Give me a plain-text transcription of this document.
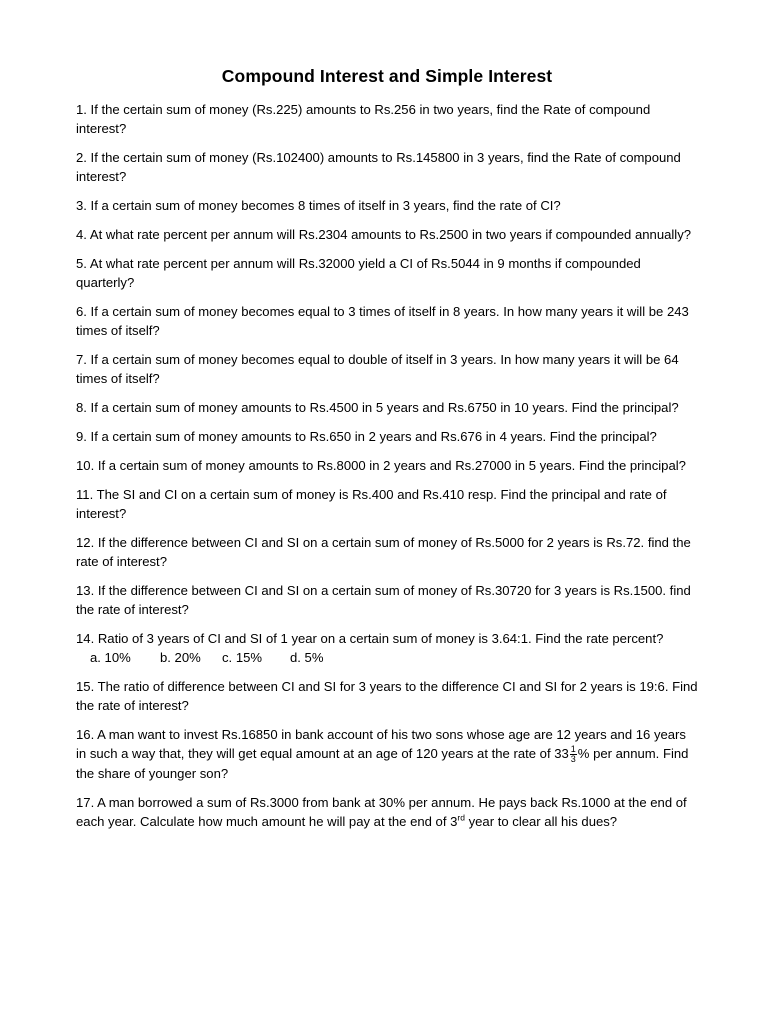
Compound Interest and Simple Interest

1. If the certain sum of money (Rs.225) amounts to Rs.256 in two years, find the Rate of compound interest?

2. If the certain sum of money (Rs.102400) amounts to Rs.145800 in 3 years, find the Rate of compound interest?

3. If a certain sum of money becomes 8 times of itself in 3 years, find the rate of CI?

4. At what rate percent per annum will Rs.2304 amounts to Rs.2500 in two years if compounded annually?

5. At what rate percent per annum will Rs.32000 yield a CI of Rs.5044 in 9 months if compounded quarterly?

6. If a certain sum of money becomes equal to 3 times of itself in 8 years. In how many years it will be 243 times of itself?

7. If a certain sum of money becomes equal to double of itself in 3 years. In how many years it will be 64 times of itself?

8. If a certain sum of money amounts to Rs.4500 in 5 years and Rs.6750 in 10 years. Find the principal?

9. If a certain sum of money amounts to Rs.650 in 2 years and Rs.676 in 4 years. Find the principal?

10. If a certain sum of money amounts to Rs.8000 in 2 years and Rs.27000 in 5 years. Find the principal?

11. The SI and CI on a certain sum of money is Rs.400 and Rs.410 resp. Find the principal and rate of interest?

12. If the difference between CI and SI on a certain sum of money of Rs.5000 for 2 years is Rs.72. find the rate of interest?

13. If the difference between CI and SI on a certain sum of money of Rs.30720 for 3 years is Rs.1500. find the rate of interest?

14. Ratio of 3 years of CI and SI of 1 year on a certain sum of money is 3.64:1. Find the rate percent?

a. 10% b. 20% c. 15% d. 5%

15. The ratio of difference between CI and SI for 3 years to the difference CI and SI for 2 years is 19:6. Find the rate of interest?

16. A man want to invest Rs.16850 in bank account of his two sons whose age are 12 years and 16 years in such a way that, they will get equal amount at an age of 120 years at the rate of $33 \frac{1}{3}$ % per annum. Find the share of younger son?

17. A man borrowed a sum of Rs.3000 from bank at 30% per annum. He pays back Rs.1000 at the end of each year. Calculate how much amount he will pay at the end of 3rd year to clear all his dues?
